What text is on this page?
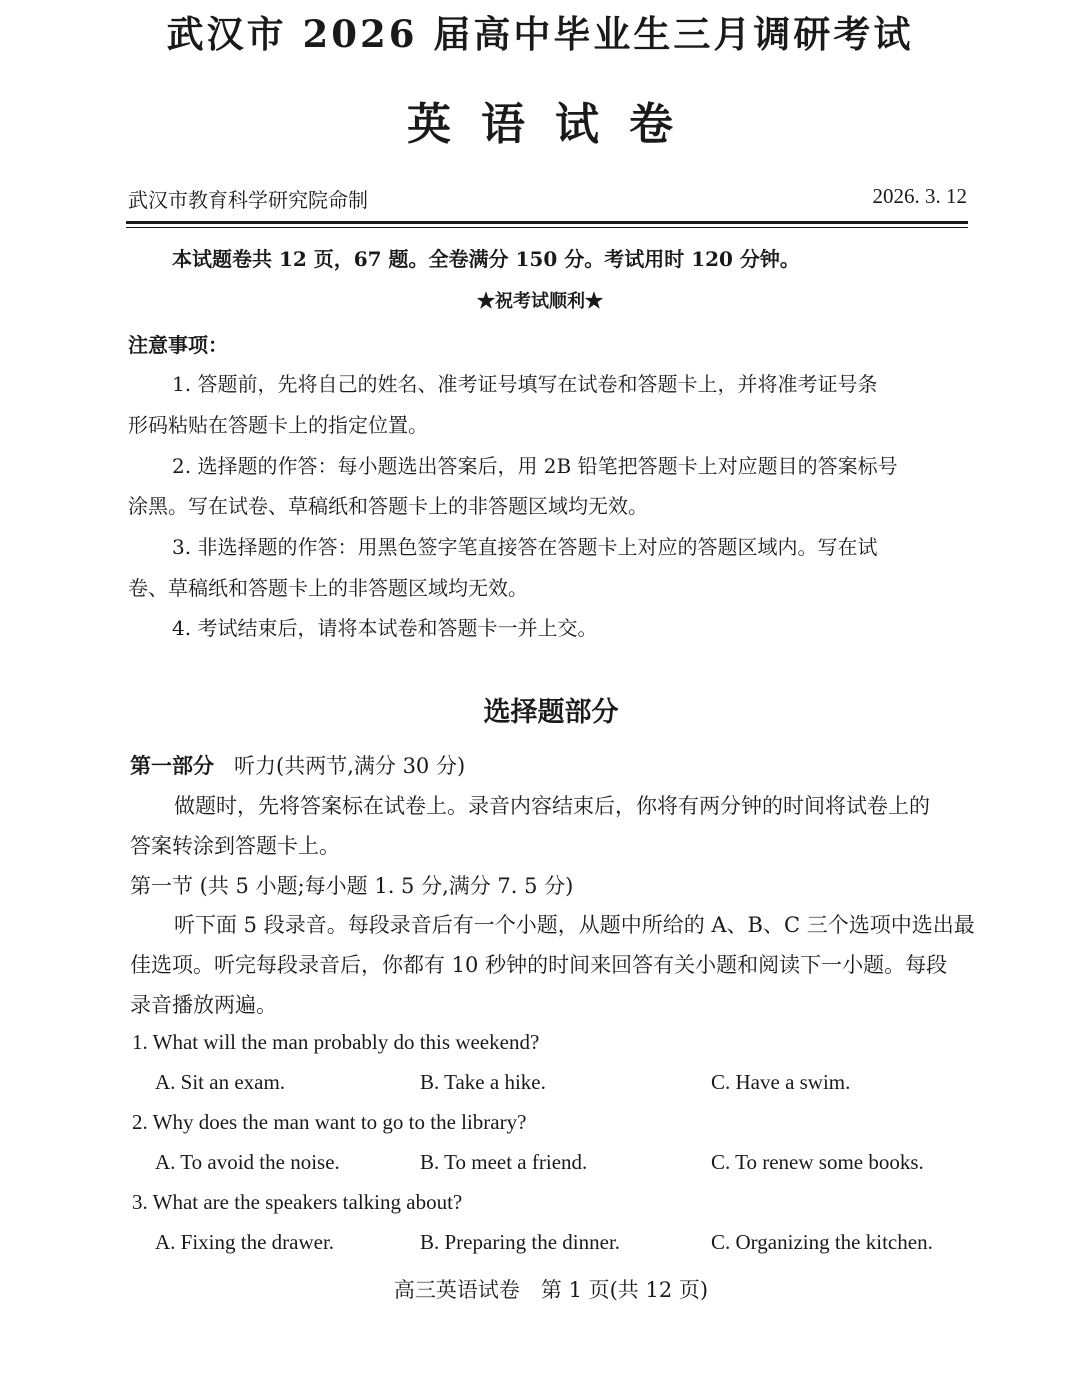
武汉市 2026 届高中毕业生三月调研考试
英语试卷
武汉市教育科学研究院命制	2026. 3. 12
本试题卷共 12 页，67 题。全卷满分 150 分。考试用时 120 分钟。
★祝考试顺利★
注意事项：
1. 答题前，先将自己的姓名、准考证号填写在试卷和答题卡上，并将准考证号条
形码粘贴在答题卡上的指定位置。
2. 选择题的作答：每小题选出答案后，用 2B 铅笔把答题卡上对应题目的答案标号
涂黑。写在试卷、草稿纸和答题卡上的非答题区域均无效。
3. 非选择题的作答：用黑色签字笔直接答在答题卡上对应的答题区域内。写在试
卷、草稿纸和答题卡上的非答题区域均无效。
4. 考试结束后，请将本试卷和答题卡一并上交。
选择题部分
第一部分 听力(共两节,满分 30 分)
做题时，先将答案标在试卷上。录音内容结束后，你将有两分钟的时间将试卷上的
答案转涂到答题卡上。
第一节 (共 5 小题;每小题 1. 5 分,满分 7. 5 分)
听下面 5 段录音。每段录音后有一个小题，从题中所给的 A、B、C 三个选项中选出最
佳选项。听完每段录音后，你都有 10 秒钟的时间来回答有关小题和阅读下一小题。每段
录音播放两遍。
1. What will the man probably do this weekend?
A. Sit an exam.	B. Take a hike.	C. Have a swim.
2. Why does the man want to go to the library?
A. To avoid the noise.	B. To meet a friend.	C. To renew some books.
3. What are the speakers talking about?
A. Fixing the drawer.	B. Preparing the dinner.	C. Organizing the kitchen.
高三英语试卷　第 1 页(共 12 页)
